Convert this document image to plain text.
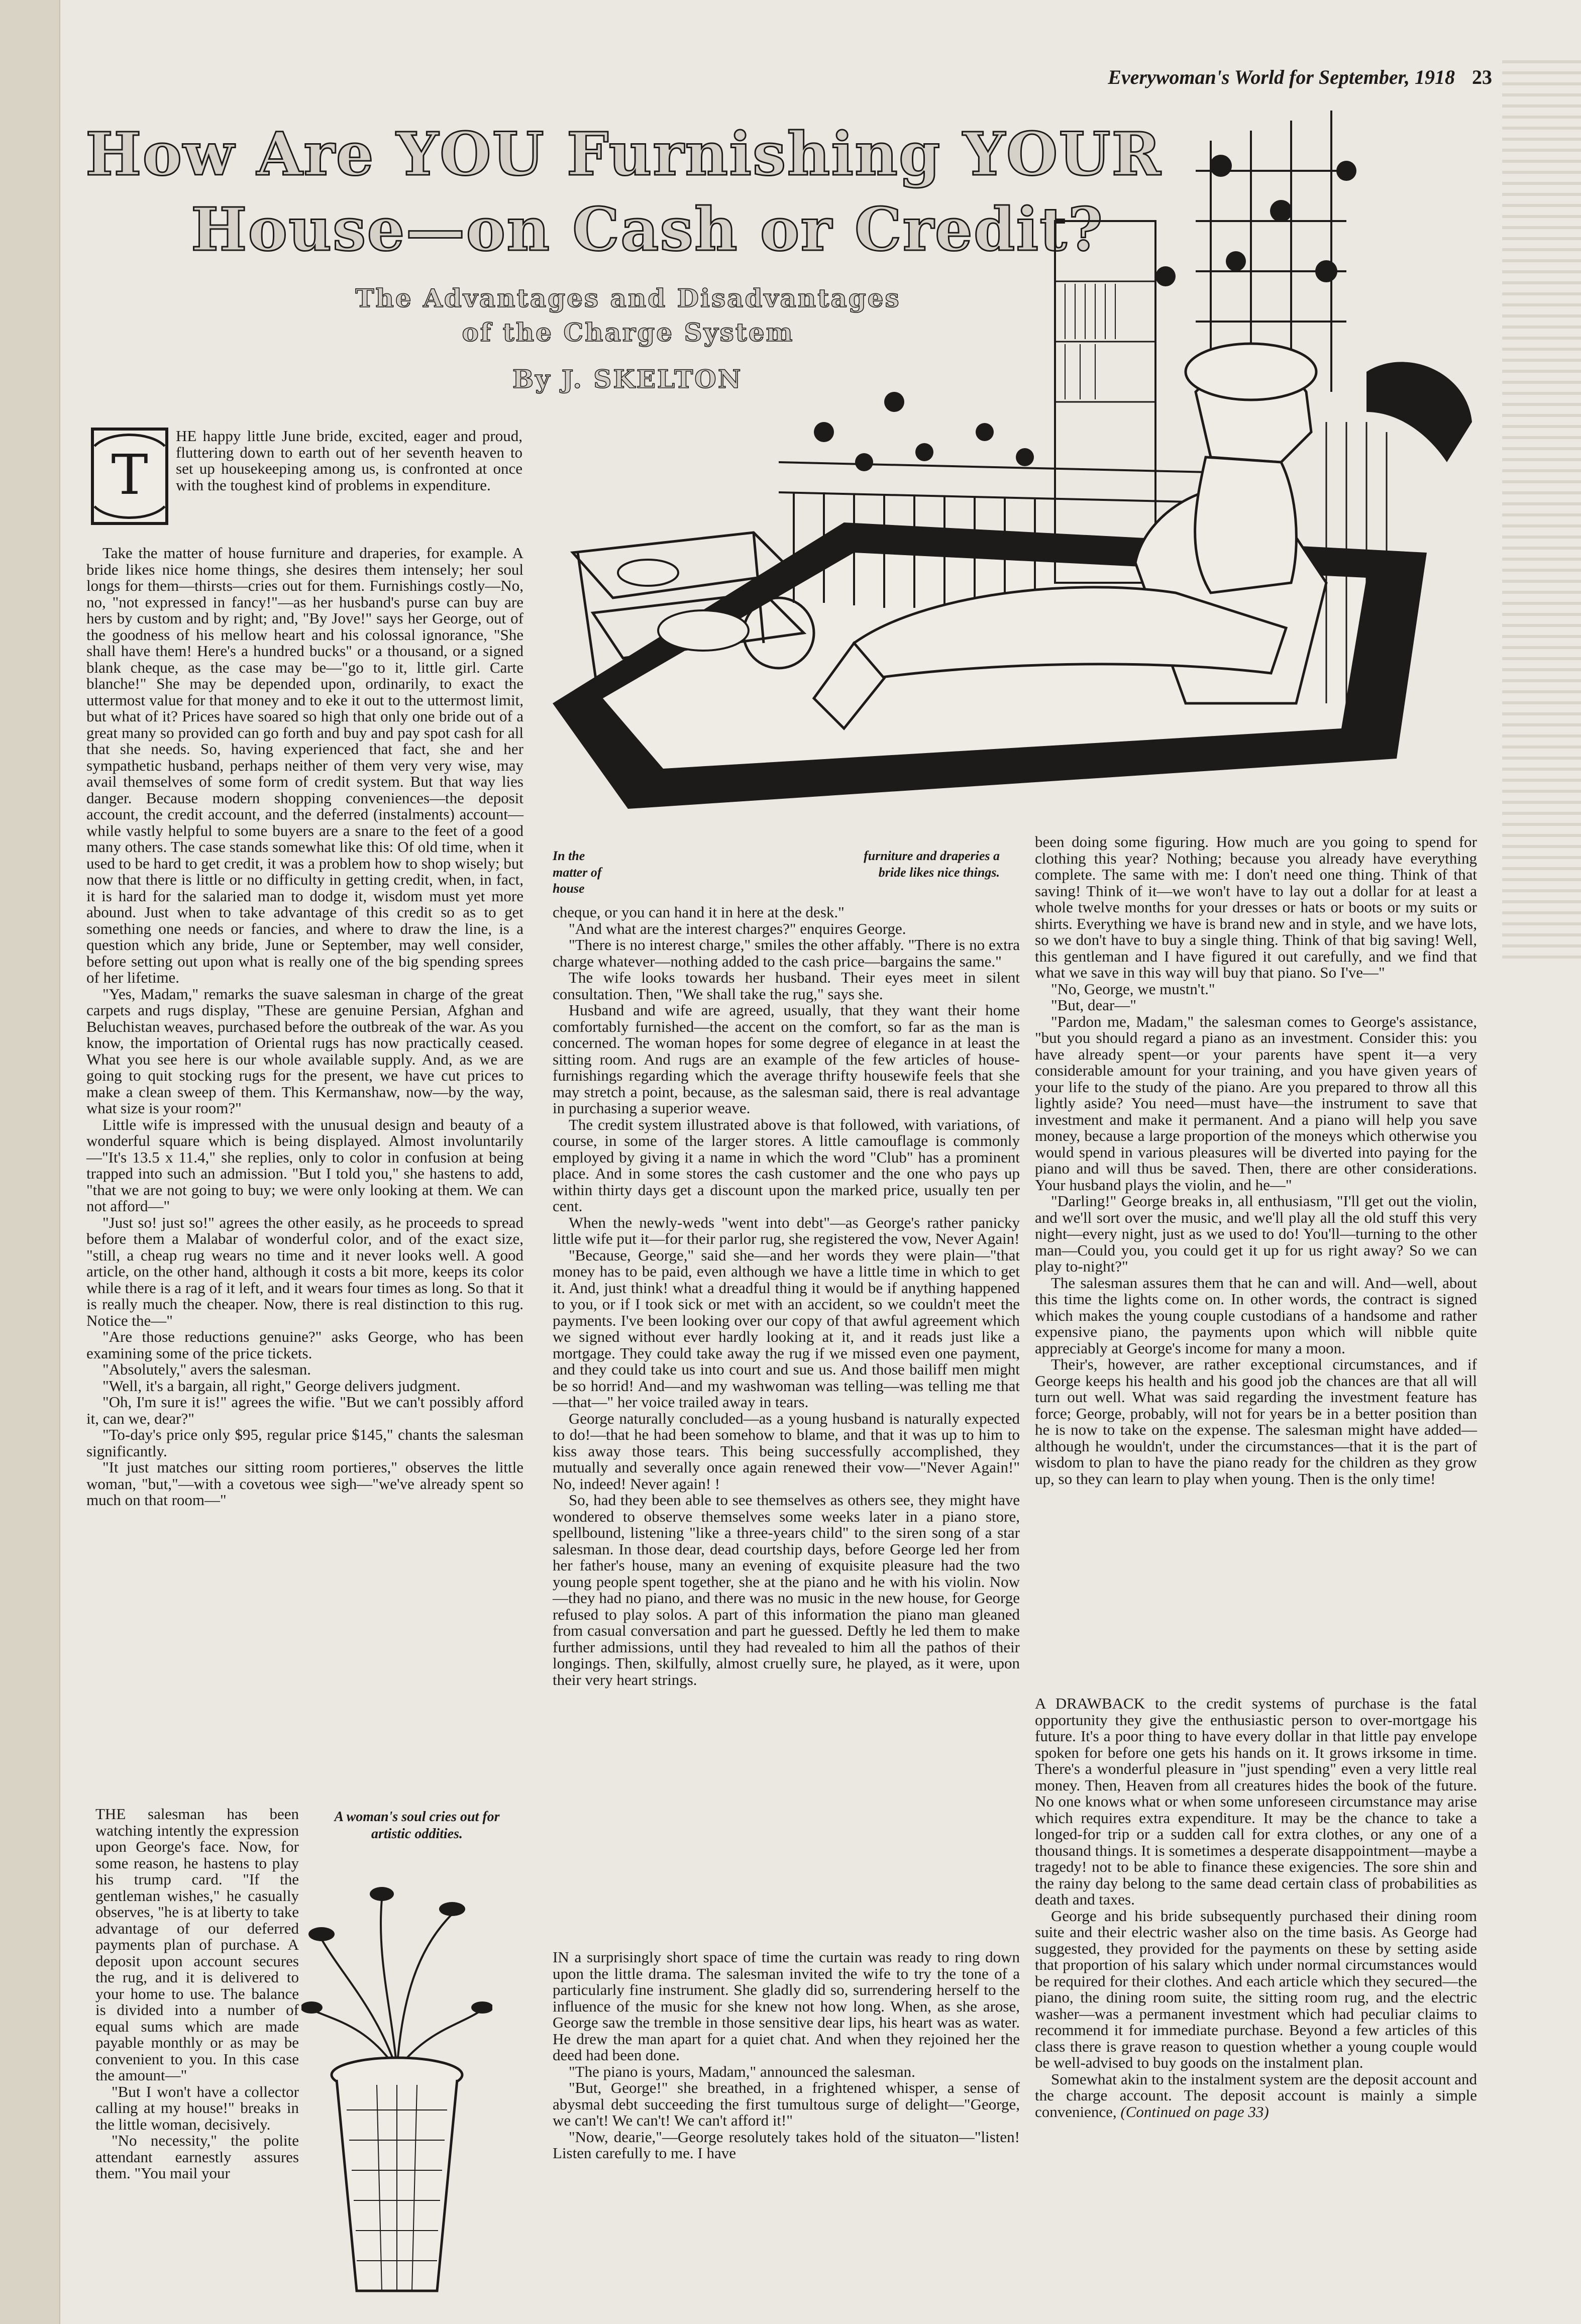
Everywoman's World for September, 1918 23
How Are YOU Furnishing YOUR
House—on Cash or Credit?
The Advantages and Disadvantages
of the Charge System
By J. SKELTON
In the matter of house
furniture and draperies a bride likes nice things.
T
HE happy little June bride, excited, eager and proud, fluttering down to earth out of her seventh heaven to set up housekeeping among us, is confronted at once with the toughest kind of problems in expenditure.

Take the matter of house furniture and draperies, for example. A bride likes nice home things, she desires them intensely; her soul longs for them—thirsts—cries out for them. Furnishings costly—No, no, "not expressed in fancy!"—as her husband's purse can buy are hers by custom and by right; and, "By Jove!" says her George, out of the goodness of his mellow heart and his colossal ignorance, "She shall have them! Here's a hundred bucks" or a thousand, or a signed blank cheque, as the case may be—"go to it, little girl. Carte blanche!" She may be depended upon, ordinarily, to exact the uttermost value for that money and to eke it out to the uttermost limit, but what of it? Prices have soared so high that only one bride out of a great many so provided can go forth and buy and pay spot cash for all that she needs. So, having experienced that fact, she and her sympathetic husband, perhaps neither of them very very wise, may avail themselves of some form of credit system. But that way lies danger. Because modern shopping conveniences—the deposit account, the credit account, and the deferred (instalments) account—while vastly helpful to some buyers are a snare to the feet of a good many others. The case stands somewhat like this: Of old time, when it used to be hard to get credit, it was a problem how to shop wisely; but now that there is little or no difficulty in getting credit, when, in fact, it is hard for the salaried man to dodge it, wisdom must yet more abound. Just when to take advantage of this credit so as to get something one needs or fancies, and where to draw the line, is a question which any bride, June or September, may well consider, before setting out upon what is really one of the big spending sprees of her lifetime.

"Yes, Madam," remarks the suave salesman in charge of the great carpets and rugs display, "These are genuine Persian, Afghan and Beluchistan weaves, purchased before the outbreak of the war. As you know, the importation of Oriental rugs has now practically ceased. What you see here is our whole available supply. And, as we are going to quit stocking rugs for the present, we have cut prices to make a clean sweep of them. This Kermanshaw, now—by the way, what size is your room?"

Little wife is impressed with the unusual design and beauty of a wonderful square which is being displayed. Almost involuntarily—"It's 13.5 x 11.4," she replies, only to color in confusion at being trapped into such an admission. "But I told you," she hastens to add, "that we are not going to buy; we were only looking at them. We can not afford—"

"Just so! just so!" agrees the other easily, as he proceeds to spread before them a Malabar of wonderful color, and of the exact size, "still, a cheap rug wears no time and it never looks well. A good article, on the other hand, although it costs a bit more, keeps its color while there is a rag of it left, and it wears four times as long. So that it is really much the cheaper. Now, there is real distinction to this rug. Notice the—"

"Are those reductions genuine?" asks George, who has been examining some of the price tickets.

"Absolutely," avers the salesman.

"Well, it's a bargain, all right," George delivers judgment.

"Oh, I'm sure it is!" agrees the wifie. "But we can't possibly afford it, can we, dear?"

"To-day's price only $95, regular price $145," chants the salesman significantly.

"It just matches our sitting room portieres," observes the little woman, "but,"—with a covetous wee sigh—"we've already spent so much on that room—"

THE salesman has been watching intently the expression upon George's face. Now, for some reason, he hastens to play his trump card. "If the gentleman wishes," he casually observes, "he is at liberty to take advantage of our deferred payments plan of purchase. A deposit upon account secures the rug, and it is delivered to your home to use. The balance is divided into a number of equal sums which are made payable monthly or as may be convenient to you. In this case the amount—"

"But I won't have a collector calling at my house!" breaks in the little woman, decisively.

"No necessity," the polite attendant earnestly assures them. "You mail your

A woman's soul cries out for artistic oddities.

cheque, or you can hand it in here at the desk."

"And what are the interest charges?" enquires George.

"There is no interest charge," smiles the other affably. "There is no extra charge whatever—nothing added to the cash price—bargains the same."

The wife looks towards her husband. Their eyes meet in silent consultation. Then, "We shall take the rug," says she.

Husband and wife are agreed, usually, that they want their home comfortably furnished—the accent on the comfort, so far as the man is concerned. The woman hopes for some degree of elegance in at least the sitting room. And rugs are an example of the few articles of house-furnishings regarding which the average thrifty housewife feels that she may stretch a point, because, as the salesman said, there is real advantage in purchasing a superior weave.

The credit system illustrated above is that followed, with variations, of course, in some of the larger stores. A little camouflage is commonly employed by giving it a name in which the word "Club" has a prominent place. And in some stores the cash customer and the one who pays up within thirty days get a discount upon the marked price, usually ten per cent.

When the newly-weds "went into debt"—as George's rather panicky little wife put it—for their parlor rug, she registered the vow, Never Again!

"Because, George," said she—and her words they were plain—"that money has to be paid, even although we have a little time in which to get it. And, just think! what a dreadful thing it would be if anything happened to you, or if I took sick or met with an accident, so we couldn't meet the payments. I've been looking over our copy of that awful agreement which we signed without ever hardly looking at it, and it reads just like a mortgage. They could take away the rug if we missed even one payment, and they could take us into court and sue us. And those bailiff men might be so horrid! And—and my washwoman was telling—was telling me that—that—" her voice trailed away in tears.

George naturally concluded—as a young husband is naturally expected to do!—that he had been somehow to blame, and that it was up to him to kiss away those tears. This being successfully accomplished, they mutually and severally once again renewed their vow—"Never Again!" No, indeed! Never again! !

So, had they been able to see themselves as others see, they might have wondered to observe themselves some weeks later in a piano store, spellbound, listening "like a three-years child" to the siren song of a star salesman. In those dear, dead courtship days, before George led her from her father's house, many an evening of exquisite pleasure had the two young people spent together, she at the piano and he with his violin. Now—they had no piano, and there was no music in the new house, for George refused to play solos. A part of this information the piano man gleaned from casual conversation and part he guessed. Deftly he led them to make further admissions, until they had revealed to him all the pathos of their longings. Then, skilfully, almost cruelly sure, he played, as it were, upon their very heart strings.

IN a surprisingly short space of time the curtain was ready to ring down upon the little drama. The salesman invited the wife to try the tone of a particularly fine instrument. She gladly did so, surrendering herself to the influence of the music for she knew not how long. When, as she arose, George saw the tremble in those sensitive dear lips, his heart was as water. He drew the man apart for a quiet chat. And when they rejoined her the deed had been done.

"The piano is yours, Madam," announced the salesman.

"But, George!" she breathed, in a frightened whisper, a sense of abysmal debt succeeding the first tumultous surge of delight—"George, we can't! We can't! We can't afford it!"

"Now, dearie,"—George resolutely takes hold of the situaton—"listen! Listen carefully to me. I have

been doing some figuring. How much are you going to spend for clothing this year? Nothing; because you already have everything complete. The same with me: I don't need one thing. Think of that saving! Think of it—we won't have to lay out a dollar for at least a whole twelve months for your dresses or hats or boots or my suits or shirts. Everything we have is brand new and in style, and we have lots, so we don't have to buy a single thing. Think of that big saving! Well, this gentleman and I have figured it out carefully, and we find that what we save in this way will buy that piano. So I've—"

"No, George, we mustn't."

"But, dear—"

"Pardon me, Madam," the salesman comes to George's assistance, "but you should regard a piano as an investment. Consider this: you have already spent—or your parents have spent it—a very considerable amount for your training, and you have given years of your life to the study of the piano. Are you prepared to throw all this lightly aside? You need—must have—the instrument to save that investment and make it permanent. And a piano will help you save money, because a large proportion of the moneys which otherwise you would spend in various pleasures will be diverted into paying for the piano and will thus be saved. Then, there are other considerations. Your husband plays the violin, and he—"

"Darling!" George breaks in, all enthusiasm, "I'll get out the violin, and we'll sort over the music, and we'll play all the old stuff this very night—every night, just as we used to do! You'll—turning to the other man—Could you, you could get it up for us right away? So we can play to-night?"

The salesman assures them that he can and will. And—well, about this time the lights come on. In other words, the contract is signed which makes the young couple custodians of a handsome and rather expensive piano, the payments upon which will nibble quite appreciably at George's income for many a moon.

Their's, however, are rather exceptional circumstances, and if George keeps his health and his good job the chances are that all will turn out well. What was said regarding the investment feature has force; George, probably, will not for years be in a better position than he is now to take on the expense. The salesman might have added—although he wouldn't, under the circumstances—that it is the part of wisdom to plan to have the piano ready for the children as they grow up, so they can learn to play when young. Then is the only time!

A DRAWBACK to the credit systems of purchase is the fatal opportunity they give the enthusiastic person to over-mortgage his future. It's a poor thing to have every dollar in that little pay envelope spoken for before one gets his hands on it. It grows irksome in time. There's a wonderful pleasure in "just spending" even a very little real money. Then, Heaven from all creatures hides the book of the future. No one knows what or when some unforeseen circumstance may arise which requires extra expenditure. It may be the chance to take a longed-for trip or a sudden call for extra clothes, or any one of a thousand things. It is sometimes a desperate disappointment—maybe a tragedy! not to be able to finance these exigencies. The sore shin and the rainy day belong to the same dead certain class of probabilities as death and taxes.

George and his bride subsequently purchased their dining room suite and their electric washer also on the time basis. As George had suggested, they provided for the payments on these by setting aside that proportion of his salary which under normal circumstances would be required for their clothes. And each article which they secured—the piano, the dining room suite, the sitting room rug, and the electric washer—was a permanent investment which had peculiar claims to recommend it for immediate purchase. Beyond a few articles of this class there is grave reason to question whether a young couple would be well-advised to buy goods on the instalment plan.

Somewhat akin to the instalment system are the deposit account and the charge account. The deposit account is mainly a simple convenience, (Continued on page 33)
